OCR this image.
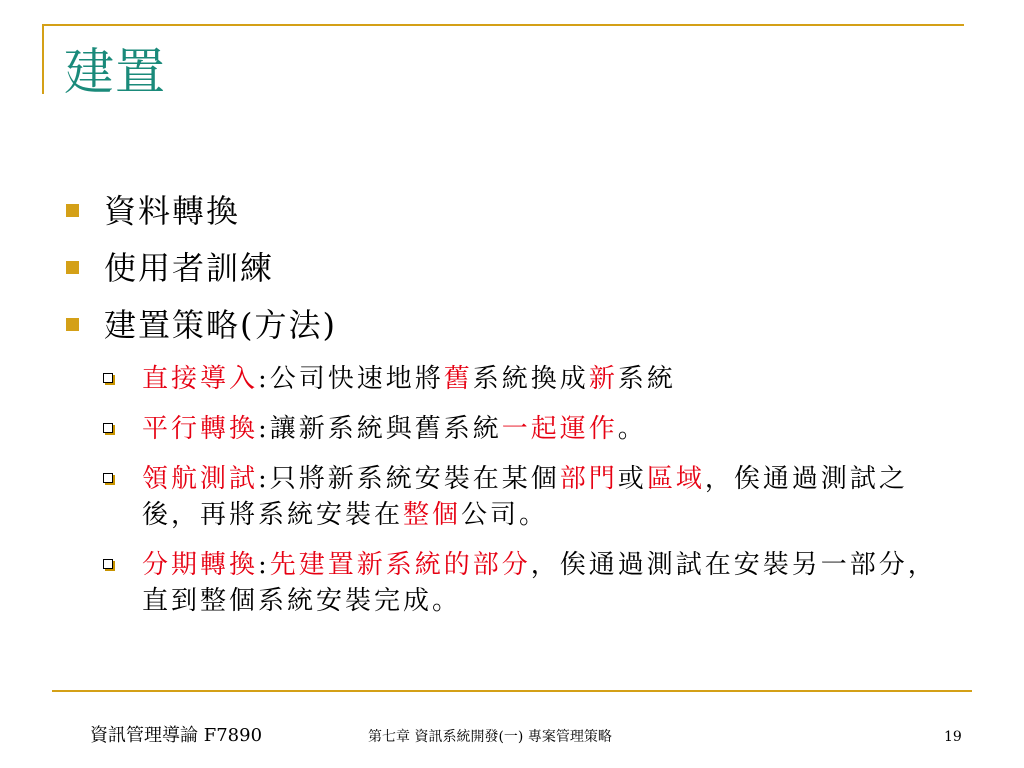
建置
資料轉換
使用者訓練
建置策略(方法)
直接導入:公司快速地將舊系統換成新系統
平行轉換:讓新系統與舊系統一起運作。
領航測試:只將新系統安裝在某個部門或區域，俟通過測試之後，再將系統安裝在整個公司。
分期轉換:先建置新系統的部分，俟通過測試在安裝另一部分，直到整個系統安裝完成。
資訊管理導論 F7890	第七章 資訊系統開發(一) 專案管理策略	19
